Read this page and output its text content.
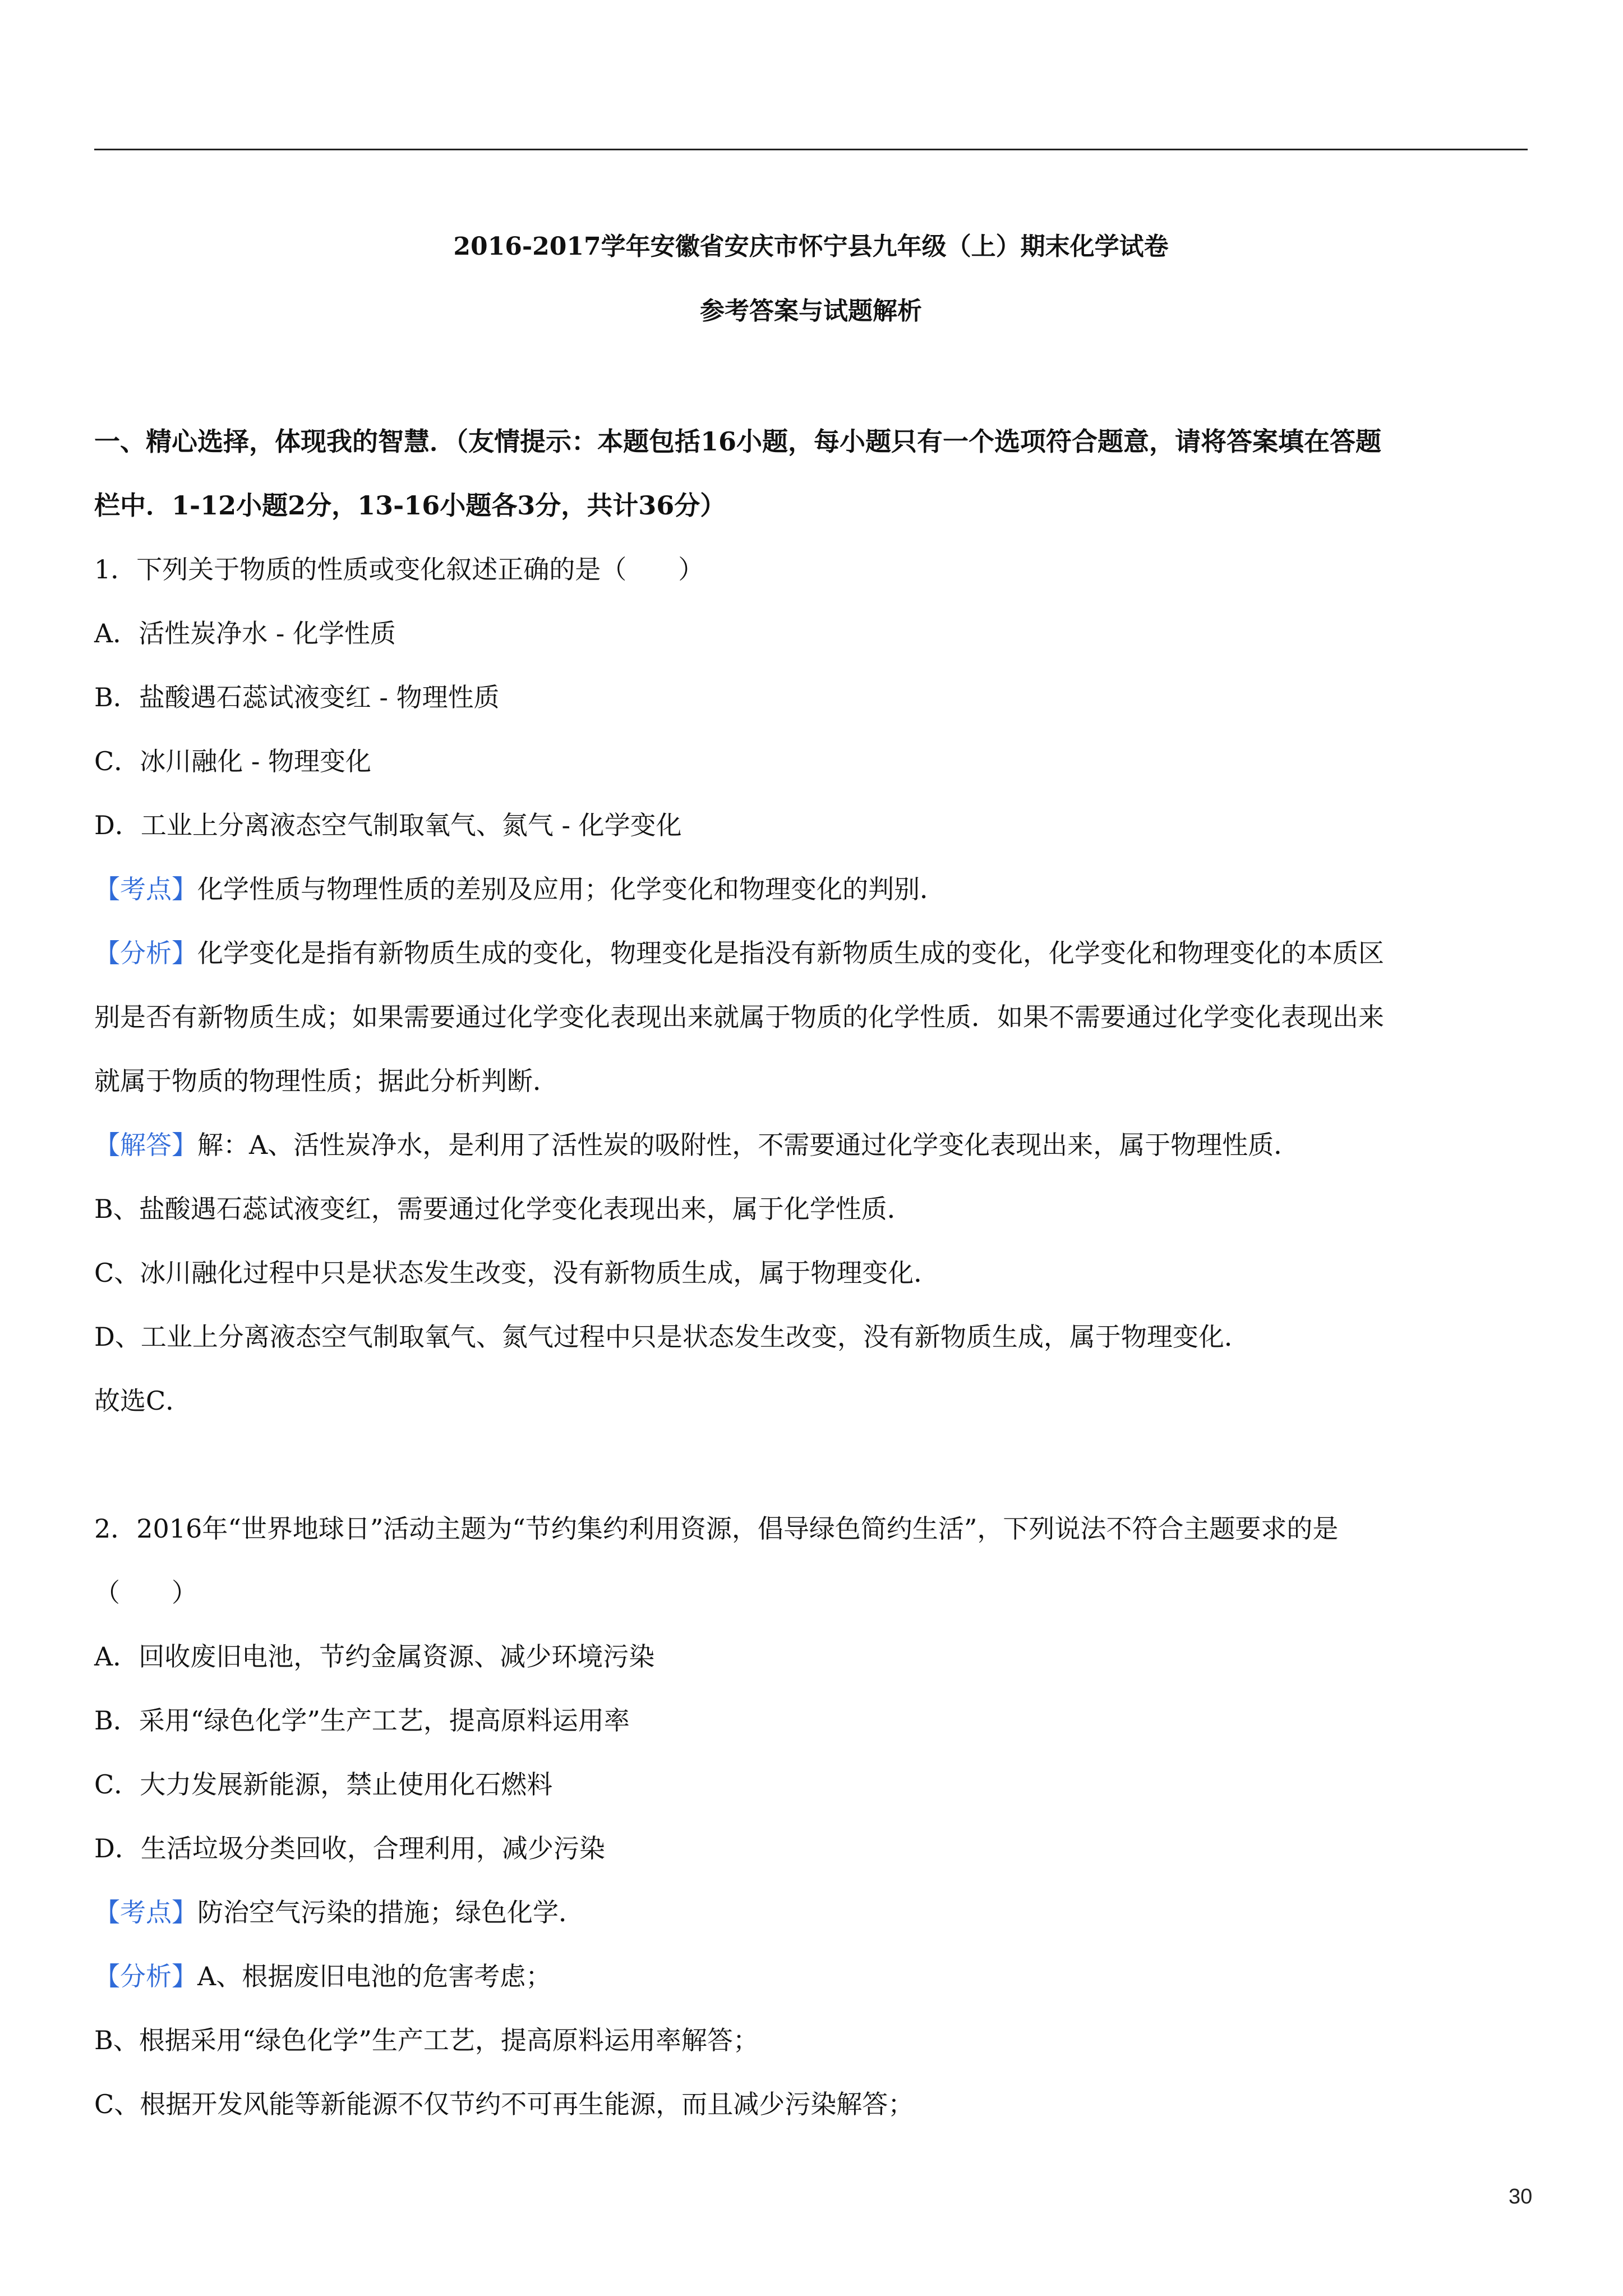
2016-2017学年安徽省安庆市怀宁县九年级（上）期末化学试卷
参考答案与试题解析
一、精心选择，体现我的智慧．（友情提示：本题包括16小题，每小题只有一个选项符合题意，请将答案填在答题
栏中．1-12小题2分，13-16小题各3分，共计36分）
1．下列关于物质的性质或变化叙述正确的是（　　）
A．活性炭净水 - 化学性质
B．盐酸遇石蕊试液变红 - 物理性质
C．冰川融化 - 物理变化
D．工业上分离液态空气制取氧气、氮气 - 化学变化
【考点】化学性质与物理性质的差别及应用；化学变化和物理变化的判别．
【分析】化学变化是指有新物质生成的变化，物理变化是指没有新物质生成的变化，化学变化和物理变化的本质区
别是否有新物质生成；如果需要通过化学变化表现出来就属于物质的化学性质．如果不需要通过化学变化表现出来
就属于物质的物理性质；据此分析判断．
【解答】解：A、活性炭净水，是利用了活性炭的吸附性，不需要通过化学变化表现出来，属于物理性质．
B、盐酸遇石蕊试液变红，需要通过化学变化表现出来，属于化学性质．
C、冰川融化过程中只是状态发生改变，没有新物质生成，属于物理变化．
D、工业上分离液态空气制取氧气、氮气过程中只是状态发生改变，没有新物质生成，属于物理变化．
故选C．
2．2016年“世界地球日”活动主题为“节约集约利用资源，倡导绿色简约生活”，下列说法不符合主题要求的是
（　　）
A．回收废旧电池，节约金属资源、减少环境污染
B．采用“绿色化学”生产工艺，提高原料运用率
C．大力发展新能源，禁止使用化石燃料
D．生活垃圾分类回收，合理利用，减少污染
【考点】防治空气污染的措施；绿色化学．
【分析】A、根据废旧电池的危害考虑；
B、根据采用“绿色化学”生产工艺，提高原料运用率解答；
C、根据开发风能等新能源不仅节约不可再生能源，而且减少污染解答；
30
